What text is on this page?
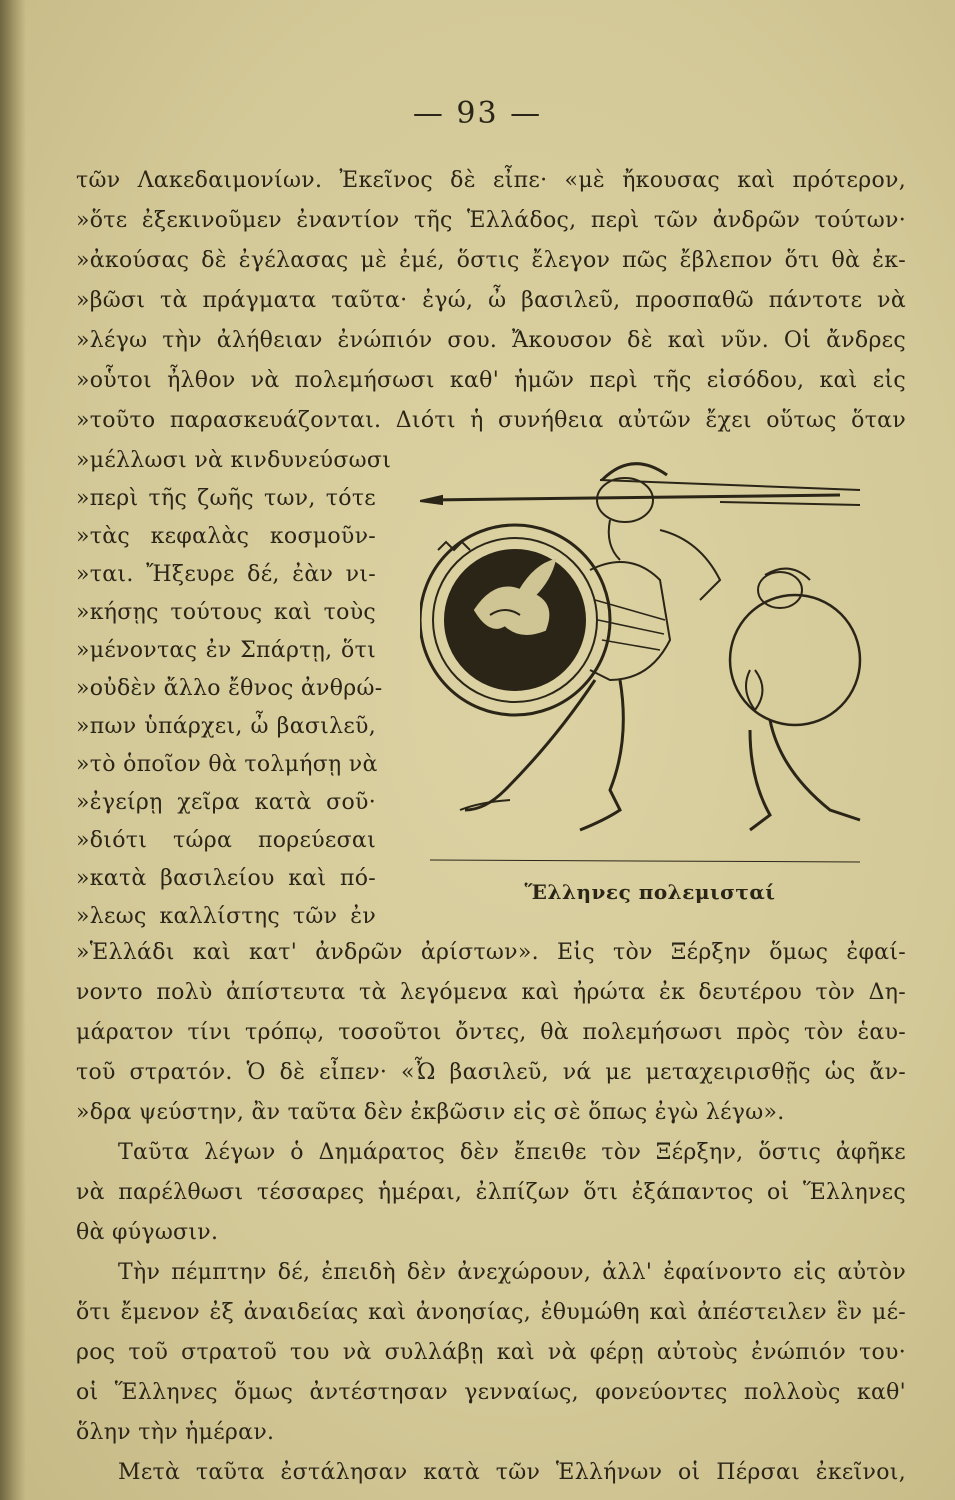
— 93 —
τῶν Λακεδαιμονίων. Ἐκεῖνος δὲ εἶπε· «μὲ ἤκουσας καὶ πρότερον,
»ὅτε ἐξεκινοῦμεν ἐναντίον τῆς Ἑλλάδος, περὶ τῶν ἀνδρῶν τούτων·
»ἀκούσας δὲ ἐγέλασας μὲ ἐμέ, ὅστις ἔλεγον πῶς ἔβλεπον ὅτι θὰ ἐκ-
»βῶσι τὰ πράγματα ταῦτα· ἐγώ, ὦ βασιλεῦ, προσπαθῶ πάντοτε νὰ
»λέγω τὴν ἀλήθειαν ἐνώπιόν σου. Ἄκουσον δὲ καὶ νῦν. Οἱ ἄνδρες
»οὗτοι ἦλθον νὰ πολεμήσωσι καθ' ἡμῶν περὶ τῆς εἰσόδου, καὶ εἰς
»τοῦτο παρασκευάζονται. Διότι ἡ συνήθεια αὐτῶν ἔχει οὕτως ὅταν
»μέλλωσι νὰ κινδυνεύσωσι
»περὶ τῆς ζωῆς των, τότε
»τὰς κεφαλὰς κοσμοῦν-
»ται. Ἤξευρε δέ, ἐὰν νι-
»κήσῃς τούτους καὶ τοὺς
»μένοντας ἐν Σπάρτῃ, ὅτι
»οὐδὲν ἄλλο ἔθνος ἀνθρώ-
»πων ὑπάρχει, ὦ βασιλεῦ,
»τὸ ὁποῖον θὰ τολμήσῃ νὰ
»ἐγείρῃ χεῖρα κατὰ σοῦ·
»διότι τώρα πορεύεσαι
»κατὰ βασιλείου καὶ πό-
»λεως καλλίστης τῶν ἐν
Ἕλληνες πολεμισταί
»Ἑλλάδι καὶ κατ' ἀνδρῶν ἀρίστων». Εἰς τὸν Ξέρξην ὅμως ἐφαί-
νοντο πολὺ ἀπίστευτα τὰ λεγόμενα καὶ ἠρώτα ἐκ δευτέρου τὸν Δη-
μάρατον τίνι τρόπῳ, τοσοῦτοι ὄντες, θὰ πολεμήσωσι πρὸς τὸν ἑαυ-
τοῦ στρατόν. Ὁ δὲ εἶπεν· «Ὦ βασιλεῦ, νά με μεταχειρισθῇς ὡς ἄν-
»δρα ψεύστην, ἂν ταῦτα δὲν ἐκβῶσιν εἰς σὲ ὅπως ἐγὼ λέγω».
Ταῦτα λέγων ὁ Δημάρατος δὲν ἔπειθε τὸν Ξέρξην, ὅστις ἀφῆκε
νὰ παρέλθωσι τέσσαρες ἡμέραι, ἐλπίζων ὅτι ἐξάπαντος οἱ Ἕλληνες
θὰ φύγωσιν.
Τὴν πέμπτην δέ, ἐπειδὴ δὲν ἀνεχώρουν, ἀλλ' ἐφαίνοντο εἰς αὐτὸν
ὅτι ἔμενον ἐξ ἀναιδείας καὶ ἀνοησίας, ἐθυμώθη καὶ ἀπέστειλεν ἓν μέ-
ρος τοῦ στρατοῦ του νὰ συλλάβῃ καὶ νὰ φέρῃ αὐτοὺς ἐνώπιόν του·
οἱ Ἕλληνες ὅμως ἀντέστησαν γενναίως, φονεύοντες πολλοὺς καθ'
ὅλην τὴν ἡμέραν.
Μετὰ ταῦτα ἐστάλησαν κατὰ τῶν Ἑλλήνων οἱ Πέρσαι ἐκεῖνοι,
